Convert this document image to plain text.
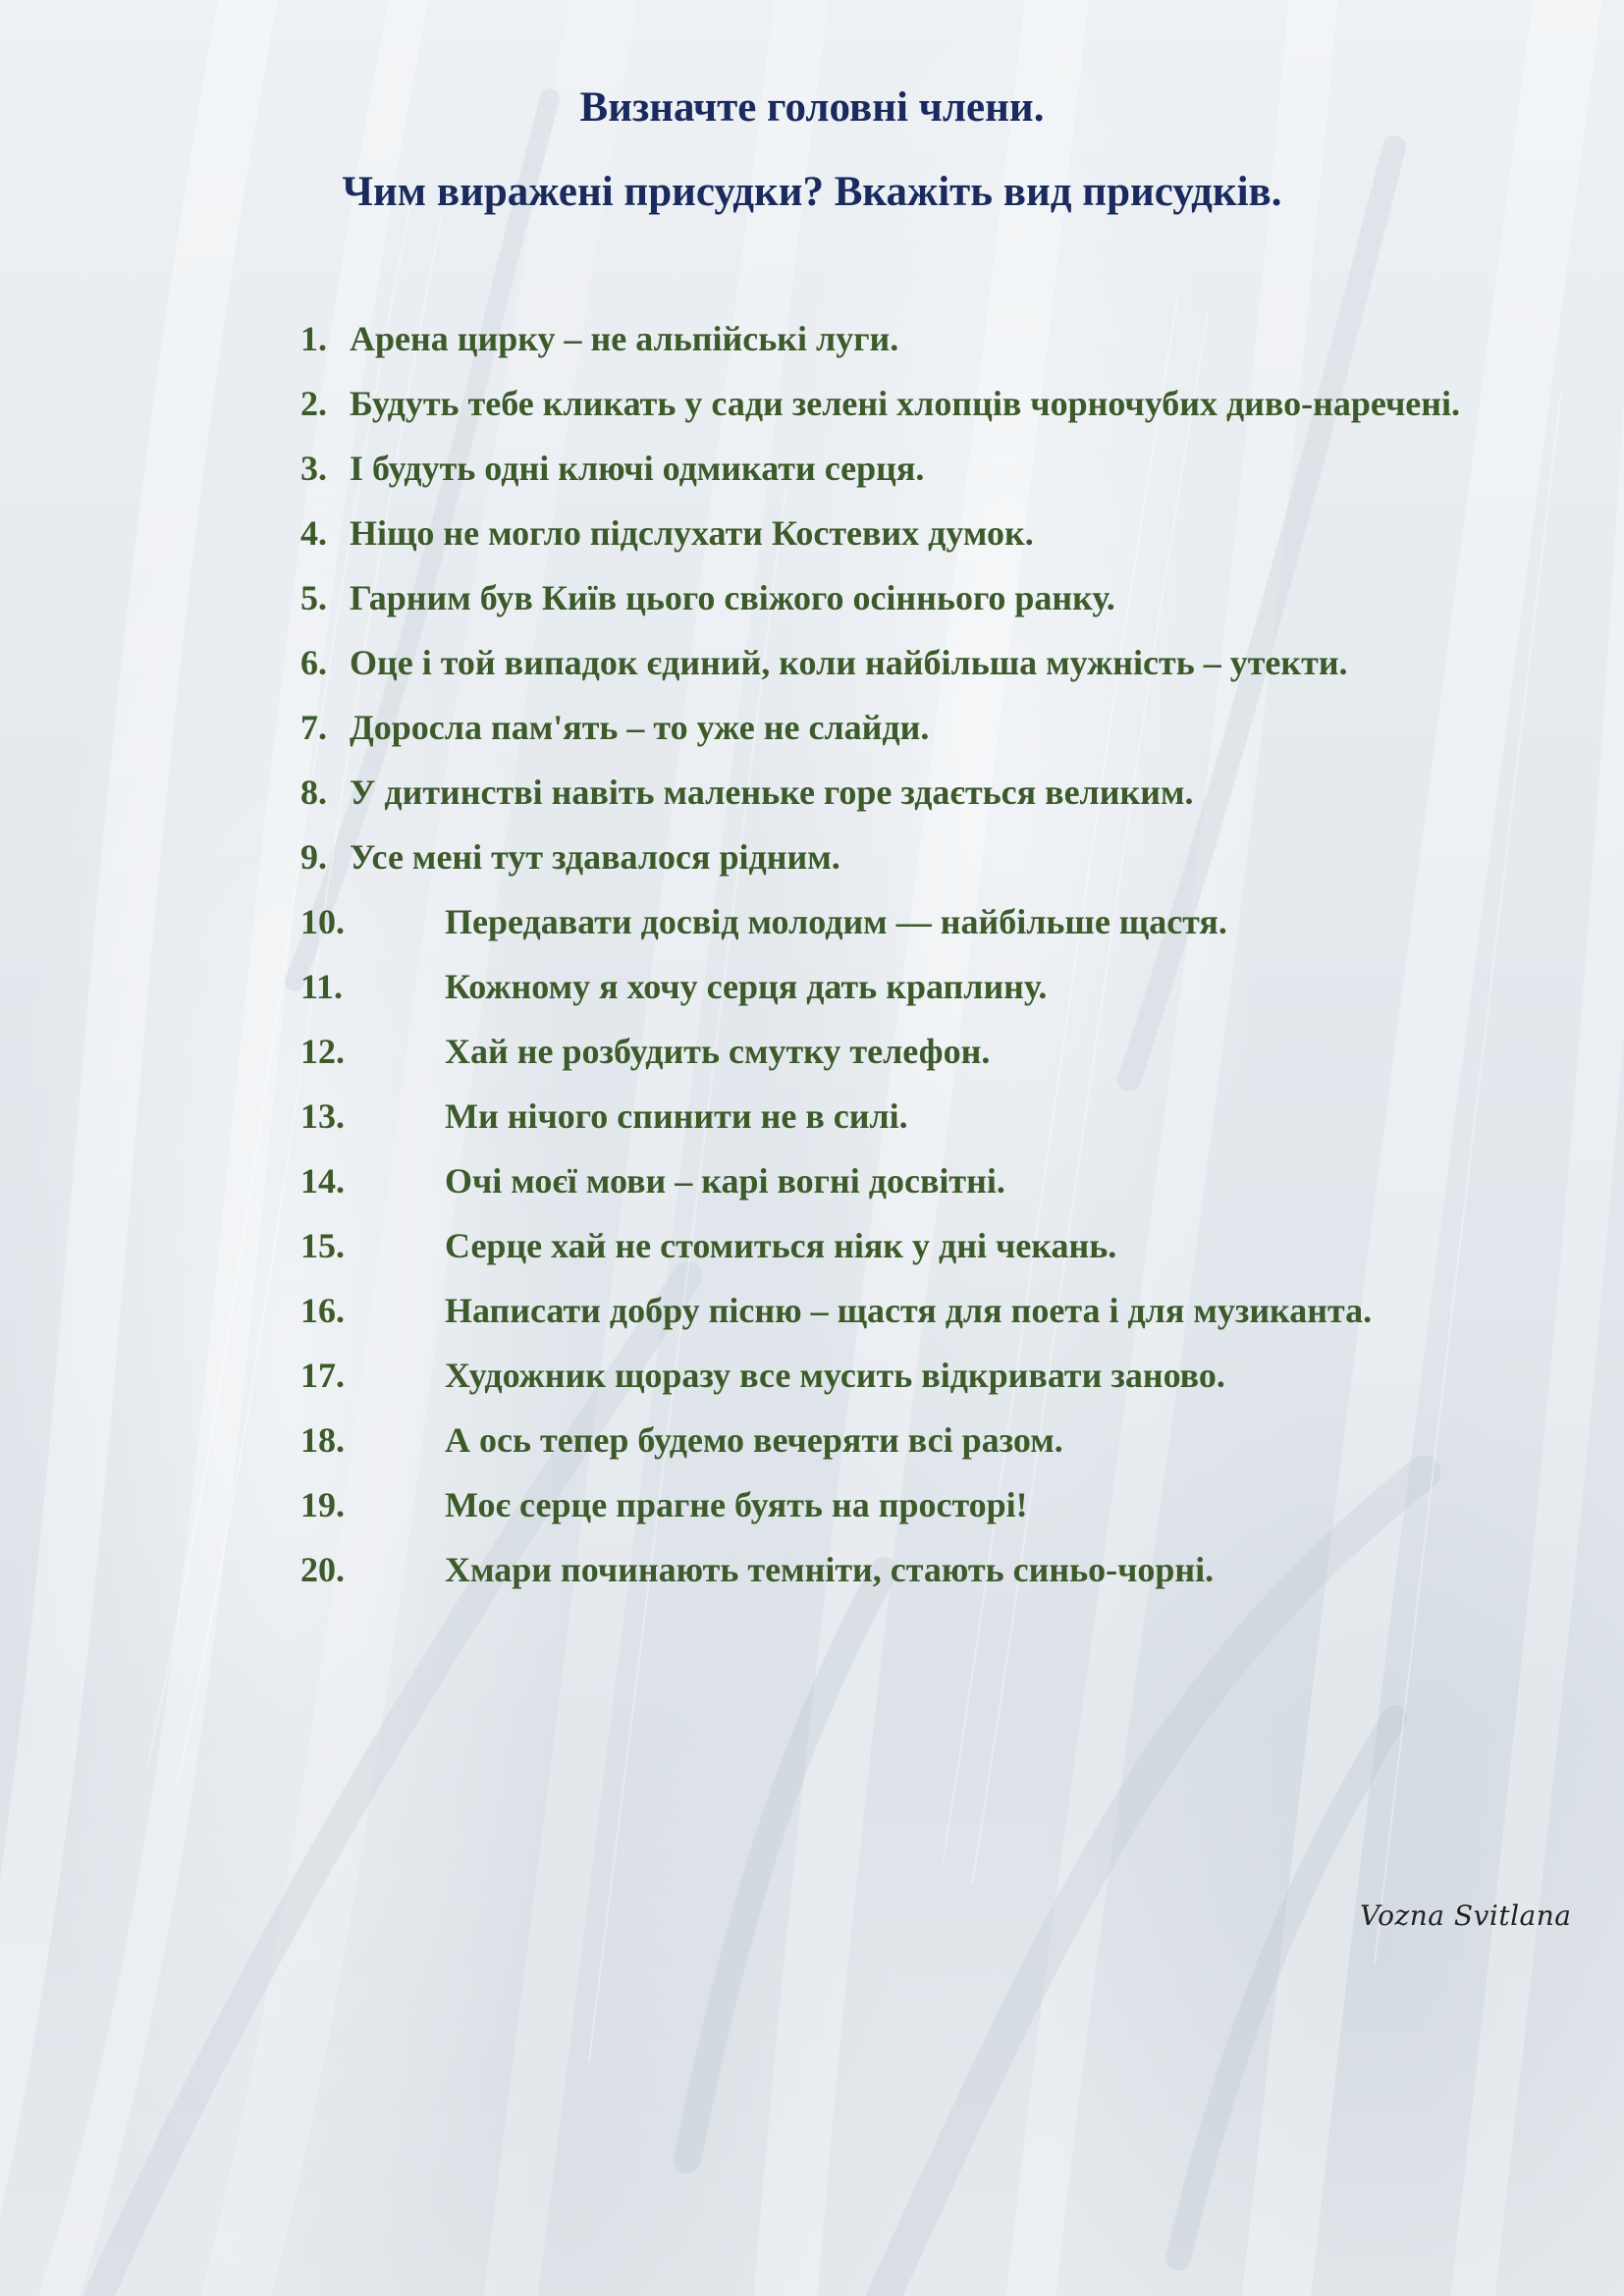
Визначте головні члени.
Чим виражені присудки? Вкажіть вид присудків.
1. Арена цирку – не альпійські луги.
2. Будуть тебе кликать у сади зелені хлопців чорночубих диво-наречені.
3. І будуть одні ключі одмикати серця.
4. Ніщо не могло підслухати Костевих думок.
5. Гарним був Київ цього свіжого осіннього ранку.
6. Оце і той випадок єдиний, коли найбільша мужність – утекти.
7. Доросла пам'ять – то уже не слайди.
8. У дитинстві навіть маленьке горе здається великим.
9. Усе мені тут здавалося рідним.
10.	Передавати досвід молодим — найбільше щастя.
11.	Кожному я хочу серця дать краплину.
12.	Хай не розбудить смутку телефон.
13.	Ми нічого спинити не в силі.
14.	Очі моєї мови – карі вогні досвітні.
15.	Серце хай не стомиться ніяк у дні чекань.
16.	Написати добру пісню – щастя для поета і для музиканта.
17.	Художник щоразу все мусить відкривати заново.
18.	А ось тепер будемо вечеряти всі разом.
19.	Моє серце прагне буять на просторі!
20.	Хмари починають темніти, стають синьо-чорні.
Vozna Svitlana
